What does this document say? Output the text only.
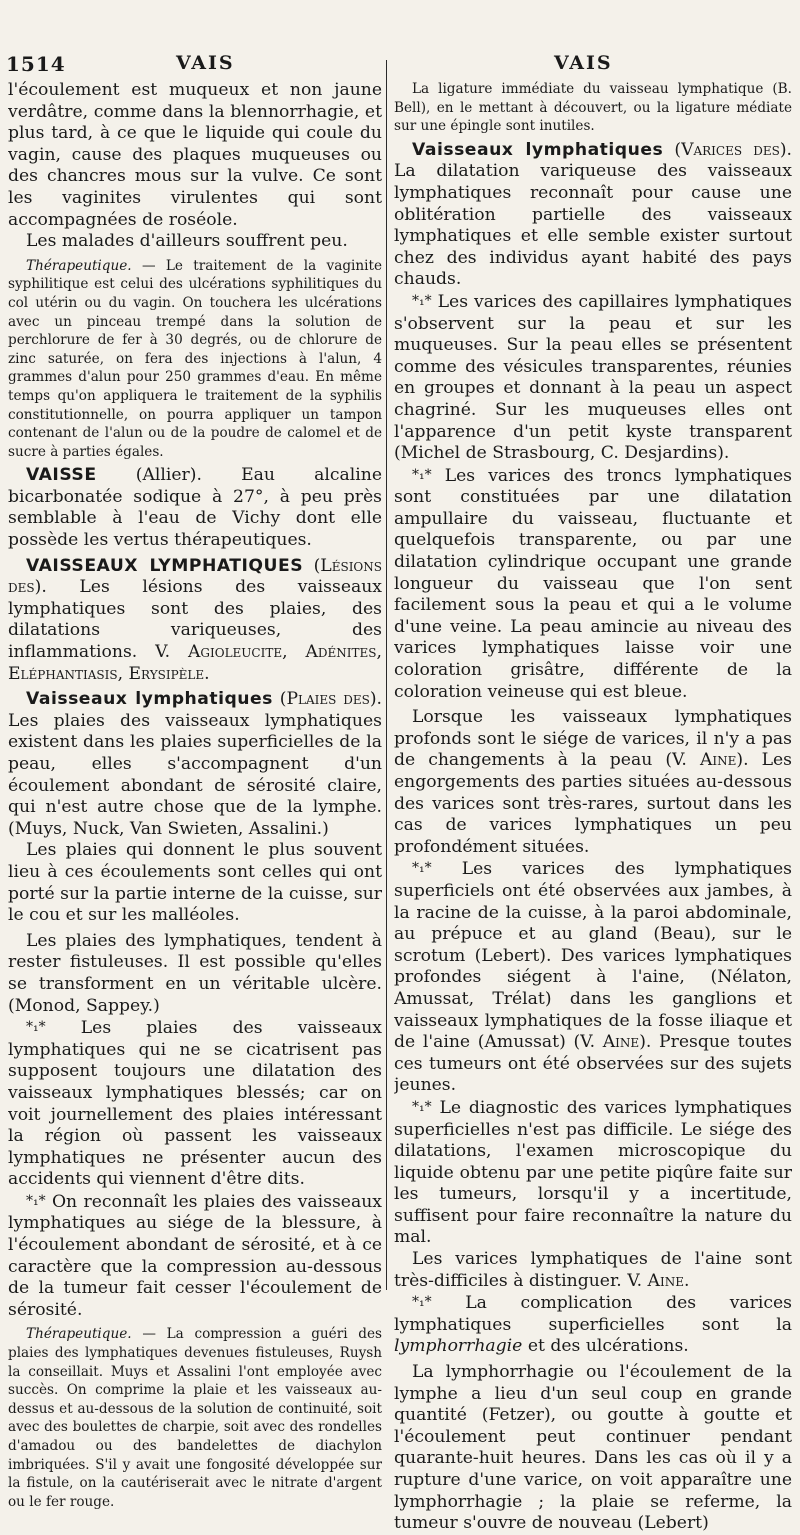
1514	VAIS	VAIS

l'écoulement est muqueux et non jaune verdâtre, comme dans la blennorrhagie, et plus tard, à ce que le liquide qui coule du vagin, cause des plaques muqueuses ou des chancres mous sur la vulve. Ce sont les vaginites virulentes qui sont accompagnées de roséole.

Les malades d'ailleurs souffrent peu.

Thérapeutique. — Le traitement de la vaginite syphilitique est celui des ulcérations syphilitiques du col utérin ou du vagin. On touchera les ulcérations avec un pinceau trempé dans la solution de perchlorure de fer à 30 degrés, ou de chlorure de zinc saturée, on fera des injections à l'alun, 4 grammes d'alun pour 250 grammes d'eau. En même temps qu'on appliquera le traitement de la syphilis constitutionnelle, on pourra appliquer un tampon contenant de l'alun ou de la poudre de calomel et de sucre à parties égales.

VAISSE (Allier). Eau alcaline bicarbonatée sodique à 27°, à peu près semblable à l'eau de Vichy dont elle possède les vertus thérapeutiques.

VAISSEAUX LYMPHATIQUES (Lésions des). Les lésions des vaisseaux lymphatiques sont des plaies, des dilatations variqueuses, des inflammations. V. Agioleucite, Adénites, Eléphantiasis, Erysipèle.

Vaisseaux lymphatiques (Plaies des). Les plaies des vaisseaux lymphatiques existent dans les plaies superficielles de la peau, elles s'accompagnent d'un écoulement abondant de sérosité claire, qui n'est autre chose que de la lymphe. (Muys, Nuck, Van Swieten, Assalini.)

Les plaies qui donnent le plus souvent lieu à ces écoulements sont celles qui ont porté sur la partie interne de la cuisse, sur le cou et sur les malléoles.

Les plaies des lymphatiques, tendent à rester fistuleuses. Il est possible qu'elles se transforment en un véritable ulcère. (Monod, Sappey.)

*₁* Les plaies des vaisseaux lymphatiques qui ne se cicatrisent pas supposent toujours une dilatation des vaisseaux lymphatiques blessés; car on voit journellement des plaies intéressant la région où passent les vaisseaux lymphatiques ne présenter aucun des accidents qui viennent d'être dits.

*₁* On reconnaît les plaies des vaisseaux lymphatiques au siége de la blessure, à l'écoulement abondant de sérosité, et à ce caractère que la compression au-dessous de la tumeur fait cesser l'écoulement de sérosité.

Thérapeutique. — La compression a guéri des plaies des lymphatiques devenues fistuleuses, Ruysh la conseillait. Muys et Assalini l'ont employée avec succès. On comprime la plaie et les vaisseaux au-dessus et au-dessous de la solution de continuité, soit avec des boulettes de charpie, soit avec des rondelles d'amadou ou des bandelettes de diachylon imbriquées. S'il y avait une fongosité développée sur la fistule, on la cautériserait avec le nitrate d'argent ou le fer rouge.

La ligature immédiate du vaisseau lymphatique (B. Bell), en le mettant à découvert, ou la ligature médiate sur une épingle sont inutiles.

Vaisseaux lymphatiques (Varices des). La dilatation variqueuse des vaisseaux lymphatiques reconnaît pour cause une oblitération partielle des vaisseaux lymphatiques et elle semble exister surtout chez des individus ayant habité des pays chauds.

*₁* Les varices des capillaires lymphatiques s'observent sur la peau et sur les muqueuses. Sur la peau elles se présentent comme des vésicules transparentes, réunies en groupes et donnant à la peau un aspect chagriné. Sur les muqueuses elles ont l'apparence d'un petit kyste transparent (Michel de Strasbourg, C. Desjardins).

*₁* Les varices des troncs lymphatiques sont constituées par une dilatation ampullaire du vaisseau, fluctuante et quelquefois transparente, ou par une dilatation cylindrique occupant une grande longueur du vaisseau que l'on sent facilement sous la peau et qui a le volume d'une veine. La peau amincie au niveau des varices lymphatiques laisse voir une coloration grisâtre, différente de la coloration veineuse qui est bleue.

Lorsque les vaisseaux lymphatiques profonds sont le siége de varices, il n'y a pas de changements à la peau (V. Aine). Les engorgements des parties situées au-dessous des varices sont très-rares, surtout dans les cas de varices lymphatiques un peu profondément situées.

*₁* Les varices des lymphatiques superficiels ont été observées aux jambes, à la racine de la cuisse, à la paroi abdominale, au prépuce et au gland (Beau), sur le scrotum (Lebert). Des varices lymphatiques profondes siégent à l'aine, (Nélaton, Amussat, Trélat) dans les ganglions et vaisseaux lymphatiques de la fosse iliaque et de l'aine (Amussat) (V. Aine). Presque toutes ces tumeurs ont été observées sur des sujets jeunes.

*₁* Le diagnostic des varices lymphatiques superficielles n'est pas difficile. Le siége des dilatations, l'examen microscopique du liquide obtenu par une petite piqûre faite sur les tumeurs, lorsqu'il y a incertitude, suffisent pour faire reconnaître la nature du mal.

Les varices lymphatiques de l'aine sont très-difficiles à distinguer. V. Aine.

*₁* La complication des varices lymphatiques superficielles sont la lymphorrhagie et des ulcérations.

La lymphorrhagie ou l'écoulement de la lymphe a lieu d'un seul coup en grande quantité (Fetzer), ou goutte à goutte et l'écoulement peut continuer pendant quarante-huit heures. Dans les cas où il y a rupture d'une varice, on voit apparaître une lymphorrhagie ; la plaie se referme, la tumeur s'ouvre de nouveau (Lebert)
